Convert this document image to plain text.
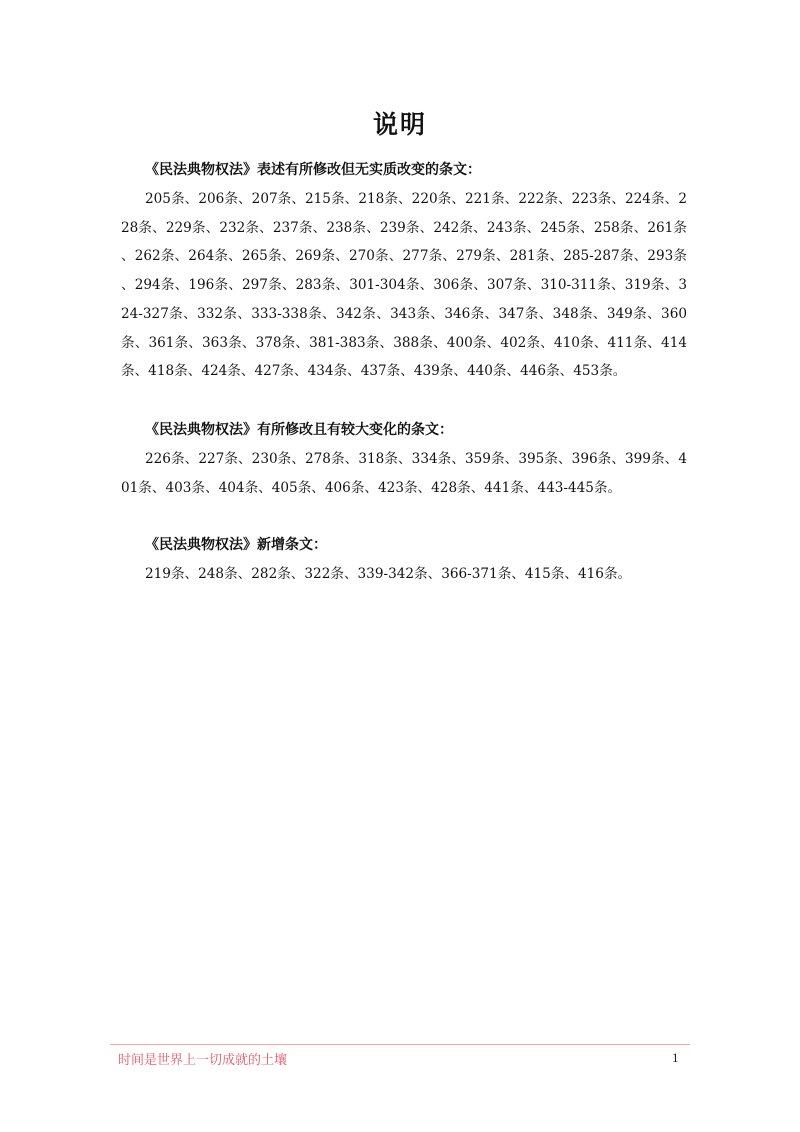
说明
《民法典物权法》表述有所修改但无实质改变的条文：
205条、206条、207条、215条、218条、220条、221条、222条、223条、224条、228条、229条、232条、237条、238条、239条、242条、243条、245条、258条、261条、262条、264条、265条、269条、270条、277条、279条、281条、285-287条、293条、294条、196条、297条、283条、301-304条、306条、307条、310-311条、319条、324-327条、332条、333-338条、342条、343条、346条、347条、348条、349条、360条、361条、363条、378条、381-383条、388条、400条、402条、410条、411条、414条、418条、424条、427条、434条、437条、439条、440条、446条、453条。
《民法典物权法》有所修改且有较大变化的条文：
226条、227条、230条、278条、318条、334条、359条、395条、396条、399条、401条、403条、404条、405条、406条、423条、428条、441条、443-445条。
《民法典物权法》新增条文：
219条、248条、282条、322条、339-342条、366-371条、415条、416条。
时间是世界上一切成就的土壤	1
